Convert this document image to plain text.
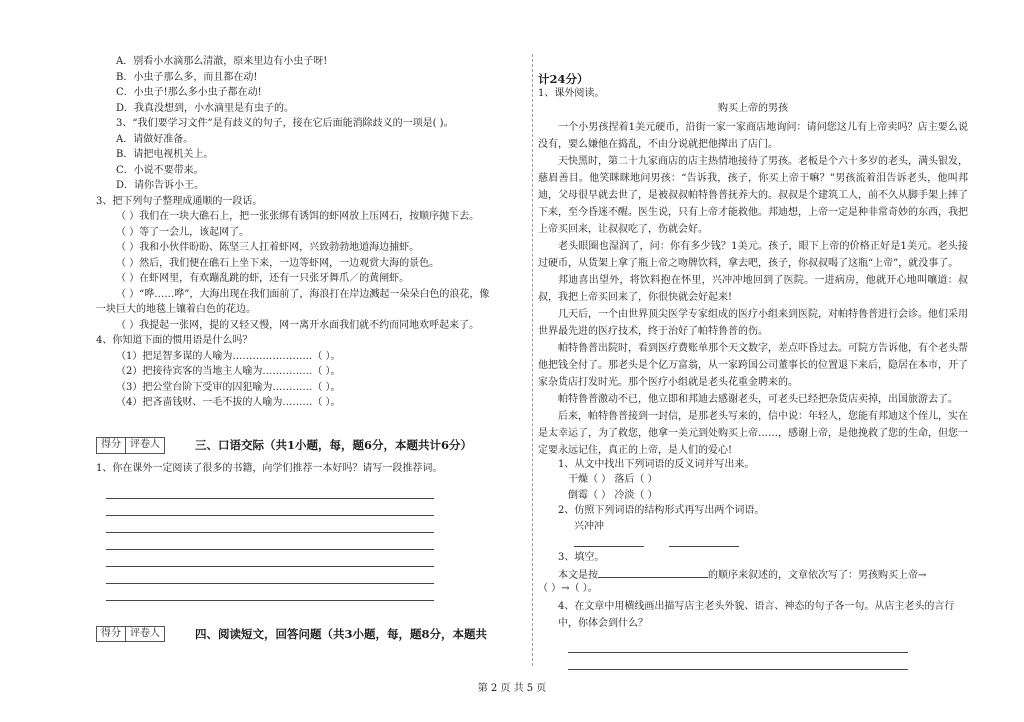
A．别看小水滴那么清澈，原来里边有小虫子呀!
B．小虫子那么多，而且都在动!
C．小虫子!那么多小虫子都在动!
D．我真没想到，小水滴里是有虫子的。
3、“我们要学习文件”是有歧义的句子，接在它后面能消除歧义的一项是( )。
A．请做好准备。
B．请把电视机关上。
C．小说不要带来。
D．请你告诉小王。
3、把下列句子整理成通顺的一段话。
（ ）我们在一块大礁石上，把一张张绑有诱饵的虾网放上压网石，按顺序抛下去。
（ ）等了一会儿，该起网了。
（ ）我和小伙伴盼盼、陈坚三人扛着虾网，兴致勃勃地道海边捕虾。
（ ）然后，我们便在礁石上坐下来，一边等虾网，一边观赏大海的景色。
（ ）在虾网里，有欢蹦乱跳的虾，还有一只张牙舞爪／的黄闸虾。
（ ）“哗……哗”，大海出现在我们面前了，海浪打在岸边溅起一朵朵白色的浪花，像
一块巨大的地毯上镶着白色的花边。
（ ）我提起一张网，提的又轻又慢，网一离开水面我们就不约而同地欢呼起来了。
4、你知道下面的惯用语是什么吗？
（1）把足智多谋的人喻为……………………（ ）。
（2）把接待宾客的当地主人喻为……………（ ）。
（3）把公堂台阶下受审的囚犯喻为…………（ ）。
（4）把吝啬钱财、一毛不拔的人喻为………（ ）。
得分 评卷人	三、口语交际（共1小题，每，题6分，本题共计6分）
1、你在课外一定阅读了很多的书籍，向学们推荐一本好吗？请写一段推荐词。
得分 评卷人	四、阅读短文，回答问题（共3小题，每，题8分，本题共
计24分）
1、课外阅读。
购买上帝的男孩
一个小男孩捏着1美元硬币，沿街一家一家商店地询问：请问您这儿有上帝卖吗？店主要么说没有，要么嫌他在捣乱，不由分说就把他撵出了店门。
天快黑时，第二十九家商店的店主热情地接待了男孩。老板是个六十多岁的老头，满头银发，慈眉善目。他笑眯眯地问男孩：“告诉我，孩子，你买上帝干嘛？”男孩流着泪告诉老头，他叫邦迪，父母很早就去世了，是被叔叔帕特鲁普抚养大的。叔叔是个建筑工人，前不久从脚手架上摔了下来，至今昏迷不醒。医生说，只有上帝才能救他。邦迪想，上帝一定是种非常奇妙的东西，我把上帝买回来，让叔叔吃了，伤就会好。
老头眼圈也湿润了，问：你有多少钱？1美元。孩子，眼下上帝的价格正好是1美元。老头接过硬币，从货架上拿了瓶上帝之吻牌饮料，拿去吧，孩子，你叔叔喝了这瓶“上帝”，就没事了。
邦迪喜出望外，将饮料抱在怀里，兴冲冲地回到了医院。一进病房，他就开心地叫嚷道：叔叔，我把上帝买回来了，你很快就会好起来!
几天后，一个由世界顶尖医学专家组成的医疗小组来到医院，对帕特鲁普进行会诊。他们采用世界最先进的医疗技术，终于治好了帕特鲁普的伤。
帕特鲁普出院时，看到医疗费账单那个天文数字，差点吓昏过去。可院方告诉他，有个老头帮他把钱全付了。那老头是个亿万富翁，从一家跨国公司董事长的位置退下来后，隐居在本市，开了家杂货店打发时光。那个医疗小组就是老头花重金聘来的。
帕特鲁普激动不已，他立即和邦迪去感谢老头，可老头已经把杂货店卖掉，出国旅游去了。
后来，帕特鲁普接到一封信，是那老头写来的，信中说：年轻人，您能有邦迪这个侄儿，实在是太幸运了，为了救您，他拿一美元到处购买上帝……，感谢上帝，是他挽救了您的生命，但您一定要永远记住，真正的上帝，是人们的爱心!
1、从文中找出下列词语的反义词并写出来。
干燥（ ） 落后（ ）
倒霉（ ） 冷淡（ ）
2、仿照下列词语的结构形式再写出两个词语。
兴冲冲

3、填空。
本文是按	的顺序来叙述的，文章依次写了：男孩购买上帝→
（ ）→（ ）。
4、在文章中用横线画出描写店主老头外貌、语言、神态的句子各一句。从店主老头的言行中，你体会到什么？
第 2 页 共 5 页
